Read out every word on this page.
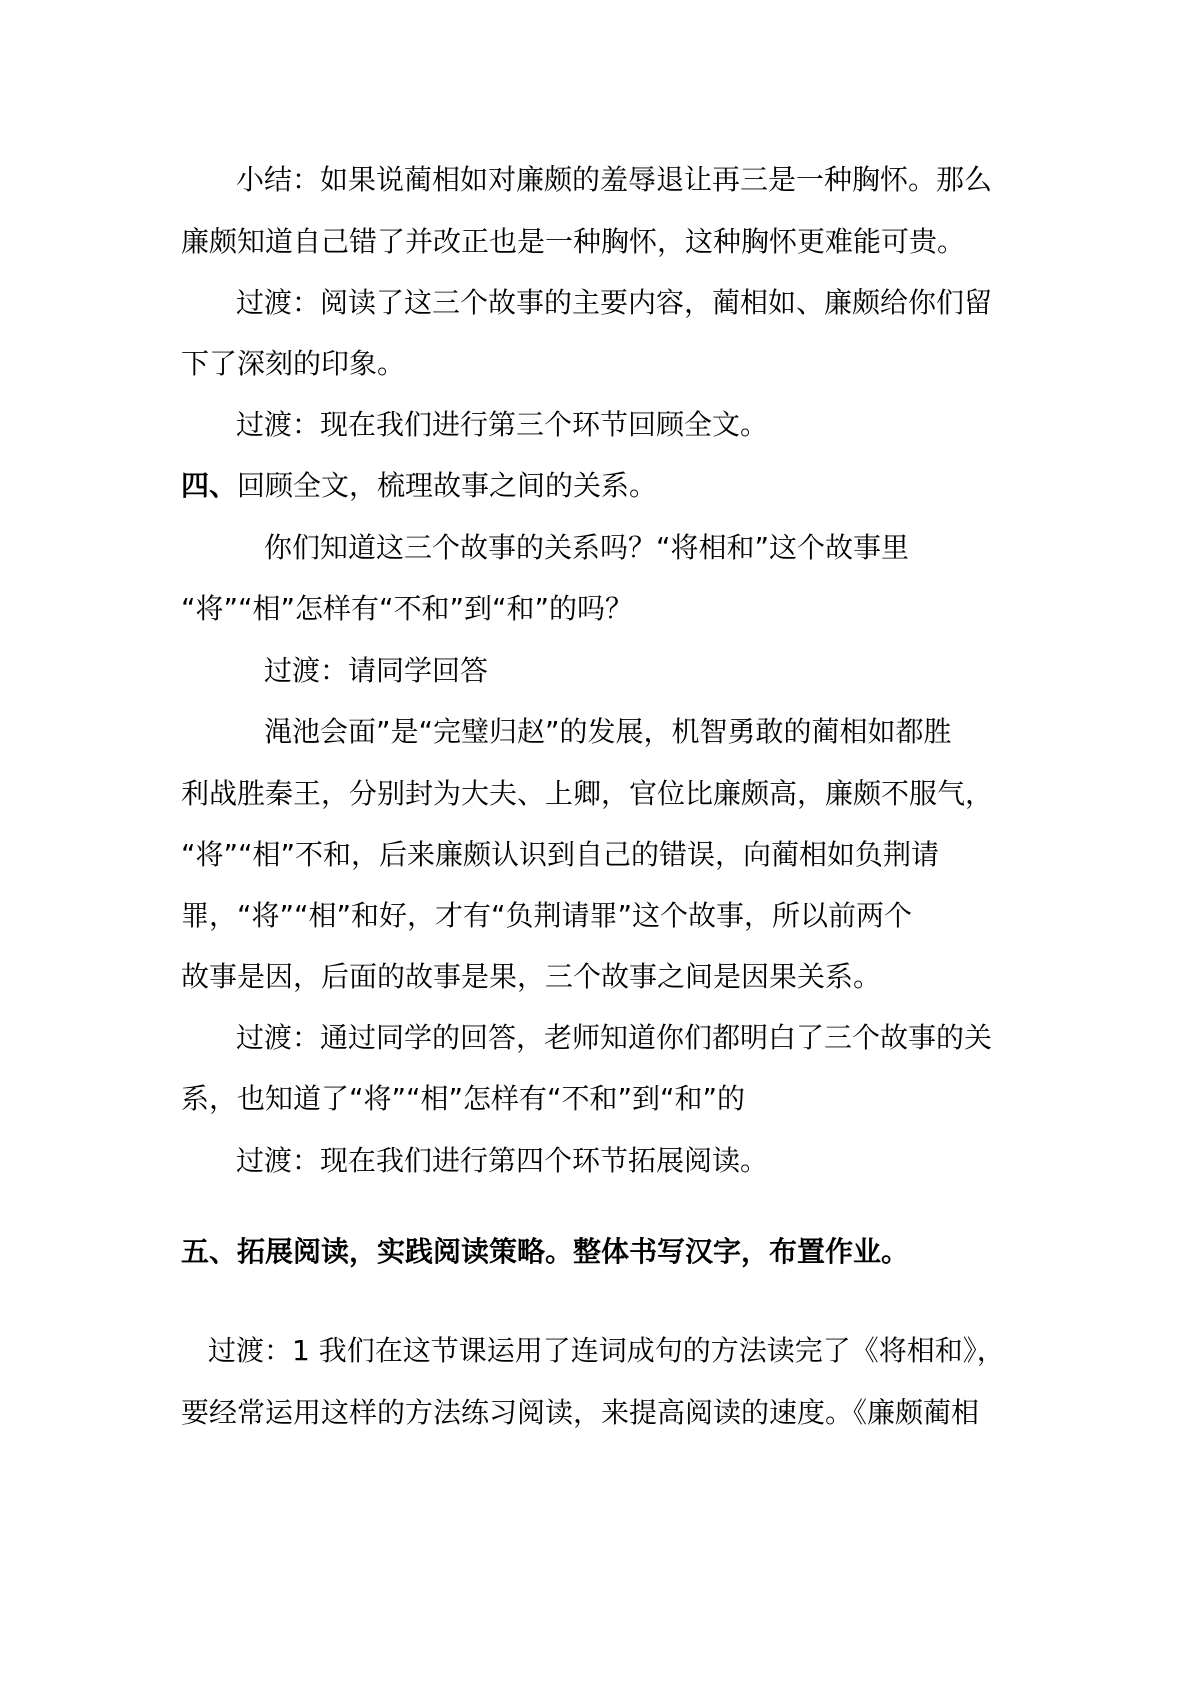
小结：如果说蔺相如对廉颇的羞辱退让再三是一种胸怀。那么
廉颇知道自己错了并改正也是一种胸怀，这种胸怀更难能可贵。
过渡：阅读了这三个故事的主要内容，蔺相如、廉颇给你们留
下了深刻的印象。
过渡：现在我们进行第三个环节回顾全文。
四、回顾全文，梳理故事之间的关系。
你们知道这三个故事的关系吗？“将相和”这个故事里
“将”“相”怎样有“不和”到“和”的吗？
过渡：请同学回答
渑池会面”是“完璧归赵”的发展，机智勇敢的蔺相如都胜
利战胜秦王，分别封为大夫、上卿，官位比廉颇高，廉颇不服气，
“将”“相”不和，后来廉颇认识到自己的错误，向蔺相如负荆请
罪，“将”“相”和好，才有“负荆请罪”这个故事，所以前两个
故事是因，后面的故事是果，三个故事之间是因果关系。
过渡：通过同学的回答，老师知道你们都明白了三个故事的关
系，也知道了“将”“相”怎样有“不和”到“和”的
过渡：现在我们进行第四个环节拓展阅读。
五、拓展阅读，实践阅读策略。整体书写汉字，布置作业。
过渡：1 我们在这节课运用了连词成句的方法读完了《将相和》，
要经常运用这样的方法练习阅读，来提高阅读的速度。《廉颇蔺相
